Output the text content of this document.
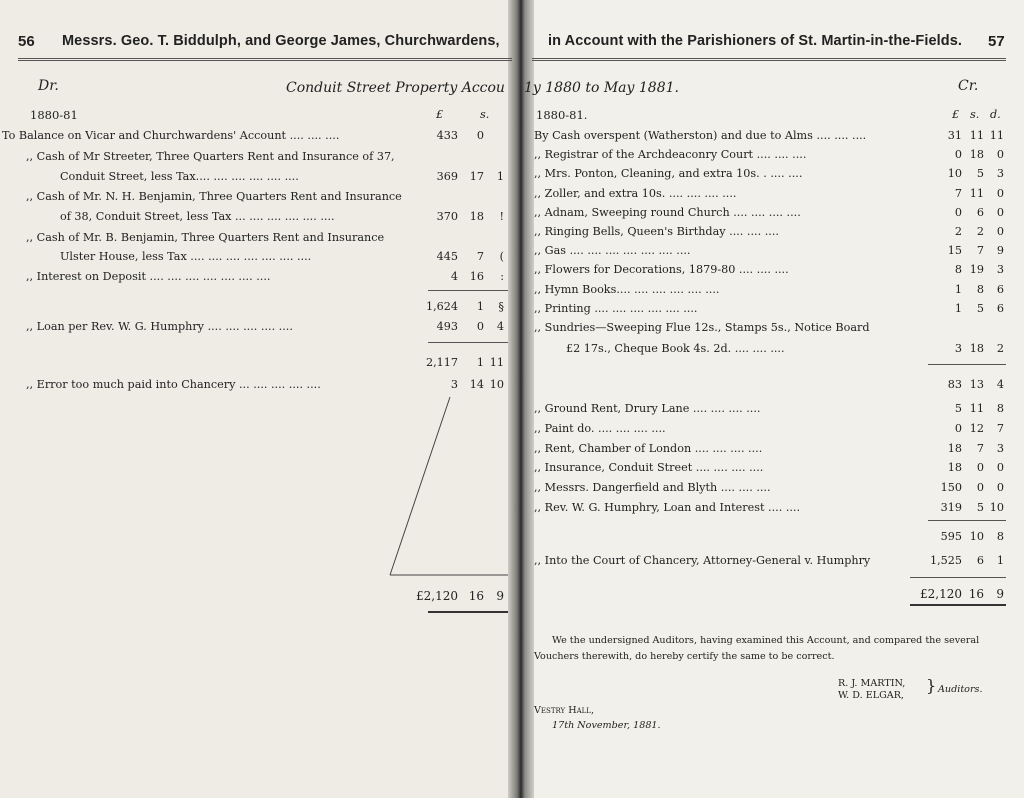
56 Messrs. Geo. T. Biddulph, and George James, Churchwardens,	in Account with the Parishioners of St. Martin-in-the-Fields. 57
Dr.	Conduit Street Property Accou 1y 1880 to May 1881.	Cr.
1880-81	£	s.
To Balance on Vicar and Churchwardens' Account .... .... ....	433	0
,, Cash of Mr Streeter, Three Quarters Rent and Insurance of 37,
Conduit Street, less Tax.... .... .... .... .... ....	369	17	1
,, Cash of Mr. N. H. Benjamin, Three Quarters Rent and Insurance
of 38, Conduit Street, less Tax ... .... .... .... .... ....	370	18	!
,, Cash of Mr. B. Benjamin, Three Quarters Rent and Insurance
Ulster House, less Tax .... .... .... .... .... .... ....	445	7	(
,, Interest on Deposit .... .... .... .... .... .... ....	4	16	:
1,624	1	§
,, Loan per Rev. W. G. Humphry .... .... .... .... ....	493	0	4
2,117	1 11
,, Error too much paid into Chancery ... .... .... .... ....	3	14 10
£2,120 16	9
1880-81.	£ s. d.
By Cash overspent (Watherston) and due to Alms .... .... ....	31 11 11
,, Registrar of the Archdeaconry Court .... .... ....	0 18	0
,, Mrs. Ponton, Cleaning, and extra 10s. . .... ....	10	5	3
,, Zoller, and extra 10s. .... .... .... ....	7 11	0
,, Adnam, Sweeping round Church .... .... .... ....	0	6	0
,, Ringing Bells, Queen's Birthday .... .... ....	2	2	0
,, Gas .... .... .... .... .... .... ....	15	7	9
,, Flowers for Decorations, 1879-80 .... .... ....	8 19	3
,, Hymn Books.... .... .... .... .... ....	1	8	6
,, Printing .... .... .... .... .... ....	1	5	6
,, Sundries—Sweeping Flue 12s., Stamps 5s., Notice Board
£2 17s., Cheque Book 4s. 2d. .... .... ....	3 18	2
83 13	4
,, Ground Rent, Drury Lane .... .... .... ....	5 11	8
,, Paint do. .... .... .... ....	0 12	7
,, Rent, Chamber of London .... .... .... ....	18	7	3
,, Insurance, Conduit Street .... .... .... ....	18	0	0
,, Messrs. Dangerfield and Blyth .... .... ....	150	0	0
,, Rev. W. G. Humphry, Loan and Interest .... ....	319	5 10
595 10	8
,, Into the Court of Chancery, Attorney-General v. Humphry	1,525	6	1
£2,120 16	9
We the undersigned Auditors, having examined this Account, and compared the several
Vouchers therewith, do hereby certify the same to be correct.
R. J. MARTIN,
W. D. ELGAR,
} Auditors.
Vestry Hall,
17th November, 1881.
